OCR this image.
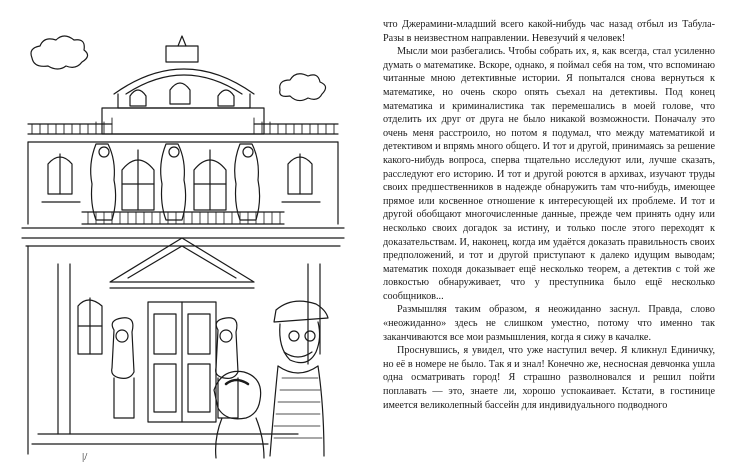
|/

что Джерамини-младший всего какой-нибудь час назад отбыл из Табула-Разы в неизвестном направлении. Невезучий я человек!

Мысли мои разбегались. Чтобы собрать их, я, как всегда, стал усиленно думать о математике. Вскоре, однако, я поймал себя на том, что вспоминаю читанные мною детективные истории. Я попытался снова вернуться к математике, но очень скоро опять съехал на детективы. Под конец математика и криминалистика так перемешались в моей голове, что отделить их друг от друга не было никакой возможности. Поначалу это очень меня расстроило, но потом я подумал, что между математикой и детективом и впрямь много общего. И тот и другой, принимаясь за решение какого-нибудь вопроса, сперва тщательно исследуют или, лучше сказать, расследуют его историю. И тот и другой роются в архивах, изучают труды своих предшественников в надежде обнаружить там что-нибудь, имеющее прямое или косвенное отношение к интересующей их проблеме. И тот и другой обобщают многочисленные данные, прежде чем принять одну или несколько своих догадок за истину, и только после этого переходят к доказательствам. И, наконец, когда им удаётся доказать правильность своих предположений, и тот и другой приступают к далеко идущим выводам; математик походя доказывает ещё несколько теорем, а детектив с той же ловкостью обнаруживает, что у преступника было ещё несколько сообщников...

Размышляя таким образом, я неожиданно заснул. Правда, слово «неожиданно» здесь не слишком уместно, потому что именно так заканчиваются все мои размышления, когда я сижу в качалке.

Проснувшись, я увидел, что уже наступил вечер. Я кликнул Единичку, но её в номере не было. Так я и знал! Конечно же, несносная девчонка ушла одна осматривать город! Я страшно разволновался и решил пойти поплавать — это, знаете ли, хорошо успокаивает. Кстати, в гостинице имеется великолепный бассейн для индивидуального подводного
